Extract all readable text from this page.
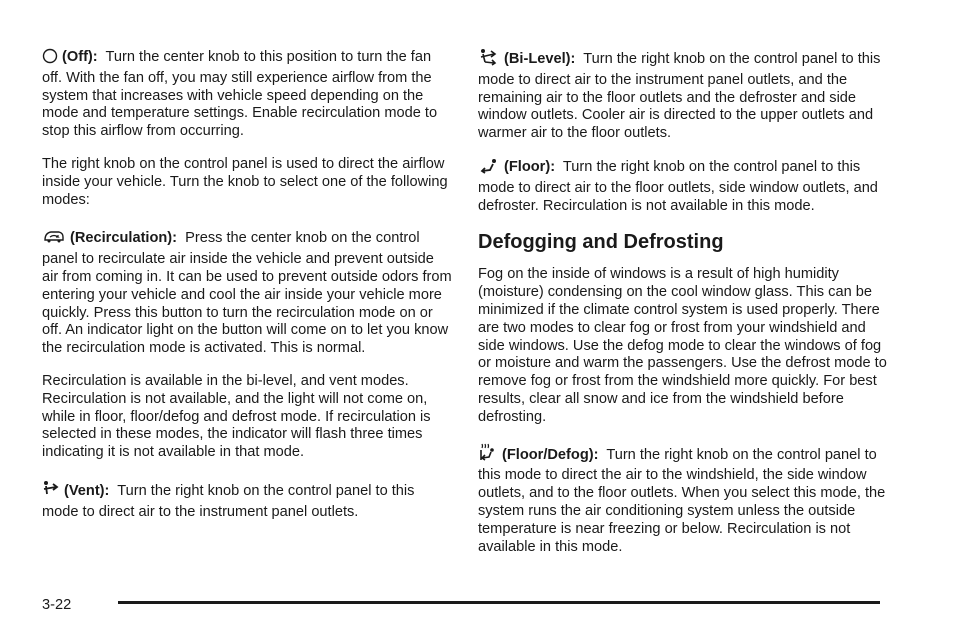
(Off): Turn the center knob to this position to turn the fan off. With the fan off, you may still experience airflow from the system that increases with vehicle speed depending on the mode and temperature settings. Enable recirculation mode to stop this airflow from occurring.

The right knob on the control panel is used to direct the airflow inside your vehicle. Turn the knob to select one of the following modes:

(Recirculation): Press the center knob on the control panel to recirculate air inside the vehicle and prevent outside air from coming in. It can be used to prevent outside odors from entering your vehicle and cool the air inside your vehicle more quickly. Press this button to turn the recirculation mode on or off. An indicator light on the button will come on to let you know the recirculation mode is activated. This is normal.

Recirculation is available in the bi-level, and vent modes. Recirculation is not available, and the light will not come on, while in floor, floor/defog and defrost mode. If recirculation is selected in these modes, the indicator will flash three times indicating it is not available in that mode.

(Vent): Turn the right knob on the control panel to this mode to direct air to the instrument panel outlets.

(Bi-Level): Turn the right knob on the control panel to this mode to direct air to the instrument panel outlets, and the remaining air to the floor outlets and the defroster and side window outlets. Cooler air is directed to the upper outlets and warmer air to the floor outlets.

(Floor): Turn the right knob on the control panel to this mode to direct air to the floor outlets, side window outlets, and defroster. Recirculation is not available in this mode.

Defogging and Defrosting

Fog on the inside of windows is a result of high humidity (moisture) condensing on the cool window glass. This can be minimized if the climate control system is used properly. There are two modes to clear fog or frost from your windshield and side windows. Use the defog mode to clear the windows of fog or moisture and warm the passengers. Use the defrost mode to remove fog or frost from the windshield more quickly. For best results, clear all snow and ice from the windshield before defrosting.

(Floor/Defog): Turn the right knob on the control panel to this mode to direct the air to the windshield, the side window outlets, and to the floor outlets. When you select this mode, the system runs the air conditioning system unless the outside temperature is near freezing or below. Recirculation is not available in this mode.

3-22
